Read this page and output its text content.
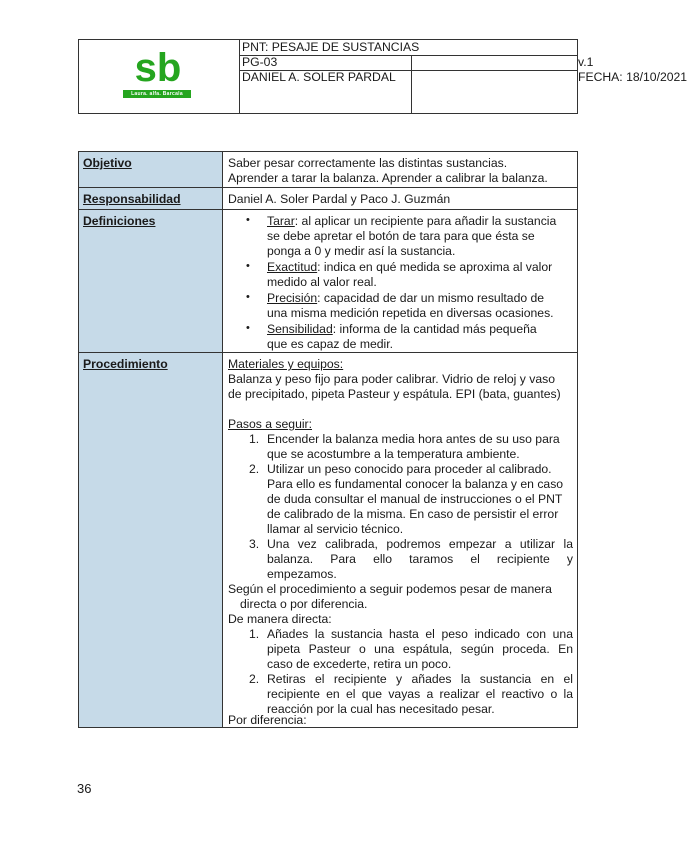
sb
Laura. alfa. Barcala
PNT: PESAJE DE SUSTANCIAS
PG-03	v.1
DANIEL A. SOLER PARDAL	FECHA: 18/10/2021
Objetivo	Saber pesar correctamente las distintas sustancias.
Aprender a tarar la balanza. Aprender a calibrar la balanza.
Responsabilidad	Daniel A. Soler Pardal y Paco J. Guzmán
Definiciones	• Tarar: al aplicar un recipiente para añadir la sustancia
se debe apretar el botón de tara para que ésta se
ponga a 0 y medir así la sustancia.
• Exactitud: indica en qué medida se aproxima al valor
medido al valor real.
• Precisión: capacidad de dar un mismo resultado de
una misma medición repetida en diversas ocasiones.
• Sensibilidad: informa de la cantidad más pequeña
que es capaz de medir.
Procedimiento	Materiales y equipos:
Balanza y peso fijo para poder calibrar. Vidrio de reloj y vaso
de precipitado, pipeta Pasteur y espátula. EPI (bata, guantes)
Pasos a seguir:
1. Encender la balanza media hora antes de su uso para
que se acostumbre a la temperatura ambiente.
2. Utilizar un peso conocido para proceder al calibrado.
Para ello es fundamental conocer la balanza y en caso
de duda consultar el manual de instrucciones o el PNT
de calibrado de la misma. En caso de persistir el error
llamar al servicio técnico.
3. Una vez calibrada, podremos empezar a utilizar la
balanza. Para ello taramos el recipiente y
empezamos.
Según el procedimiento a seguir podemos pesar de manera
directa o por diferencia.
De manera directa:
1. Añades la sustancia hasta el peso indicado con una
pipeta Pasteur o una espátula, según proceda. En
caso de excederte, retira un poco.
2. Retiras el recipiente y añades la sustancia en el
recipiente en el que vayas a realizar el reactivo o la
reacción por la cual has necesitado pesar.
Por diferencia:
36
